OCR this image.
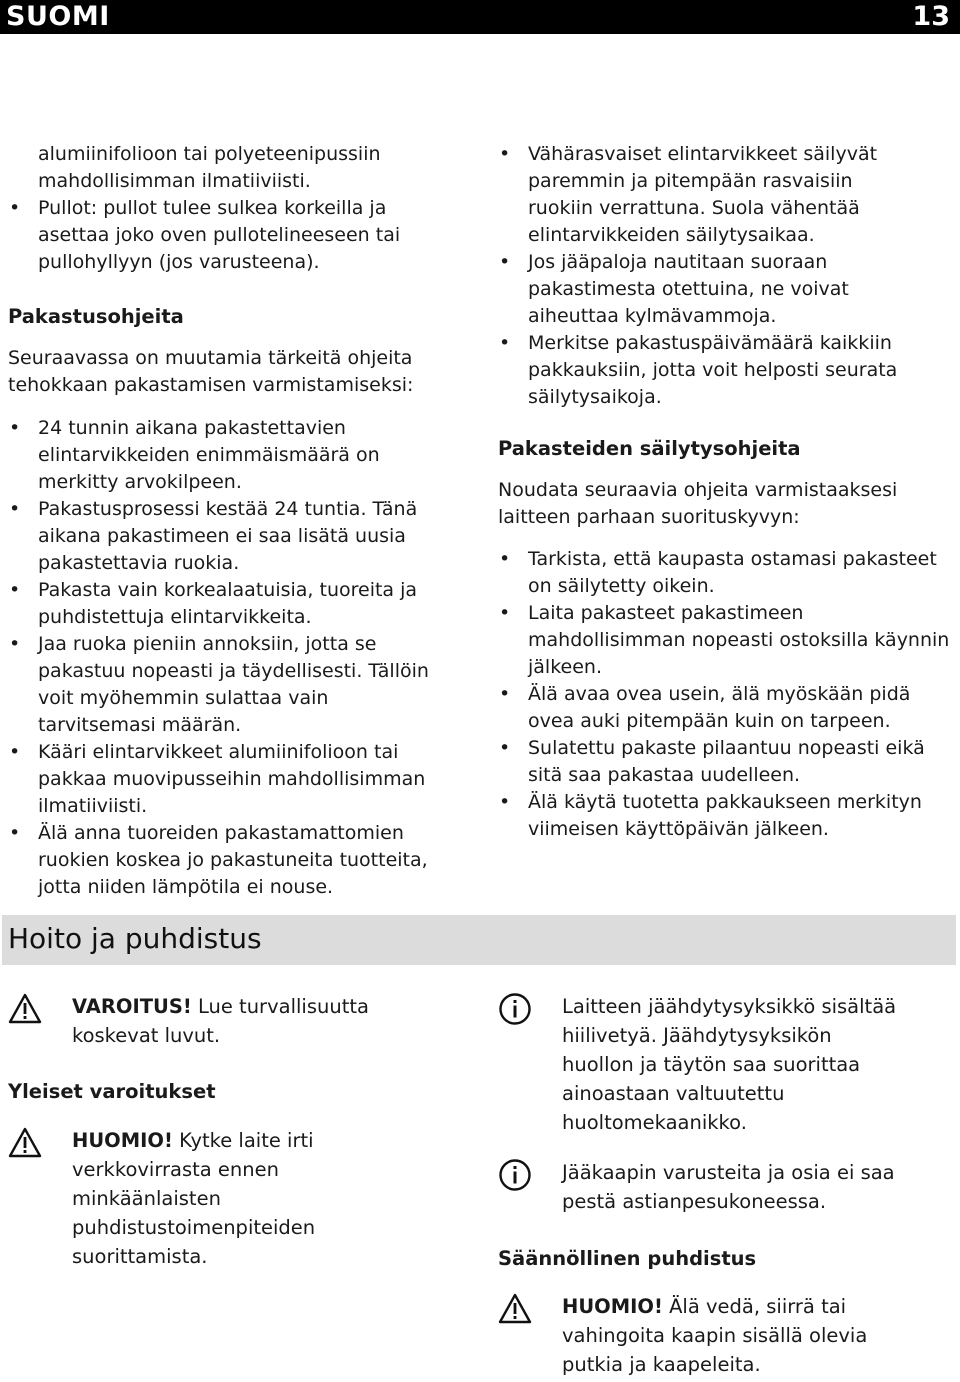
SUOMI	13

alumiinifolioon tai polyeteenipussiin mahdollisimman ilmatiiviisti.

• Pullot: pullot tulee sulkea korkeilla ja asettaa joko oven pullotelineeseen tai pullohyllyyn (jos varusteena).

Pakastusohjeita

Seuraavassa on muutamia tärkeitä ohjeita tehokkaan pakastamisen varmistamiseksi:

• 24 tunnin aikana pakastettavien elintarvikkeiden enimmäismäärä on merkitty arvokilpeen.
• Pakastusprosessi kestää 24 tuntia. Tänä aikana pakastimeen ei saa lisätä uusia pakastettavia ruokia.
• Pakasta vain korkealaatuisia, tuoreita ja puhdistettuja elintarvikkeita.
• Jaa ruoka pieniin annoksiin, jotta se pakastuu nopeasti ja täydellisesti. Tällöin voit myöhemmin sulattaa vain tarvitsemasi määrän.
• Kääri elintarvikkeet alumiinifolioon tai pakkaa muovipusseihin mahdollisimman ilmatiiviisti.
• Älä anna tuoreiden pakastamattomien ruokien koskea jo pakastuneita tuotteita, jotta niiden lämpötila ei nouse.
• Vähärasvaiset elintarvikkeet säilyvät paremmin ja pitempään rasvaisiin ruokiin verrattuna. Suola vähentää elintarvikkeiden säilytysaikaa.
• Jos jääpaloja nautitaan suoraan pakastimesta otettuina, ne voivat aiheuttaa kylmävammoja.
• Merkitse pakastuspäivämäärä kaikkiin pakkauksiin, jotta voit helposti seurata säilytysaikoja.

Pakasteiden säilytysohjeita

Noudata seuraavia ohjeita varmistaaksesi laitteen parhaan suorituskyvyn:

• Tarkista, että kaupasta ostamasi pakasteet on säilytetty oikein.
• Laita pakasteet pakastimeen mahdollisimman nopeasti ostoksilla käynnin jälkeen.
• Älä avaa ovea usein, älä myöskään pidä ovea auki pitempään kuin on tarpeen.
• Sulatettu pakaste pilaantuu nopeasti eikä sitä saa pakastaa uudelleen.
• Älä käytä tuotetta pakkaukseen merkityn viimeisen käyttöpäivän jälkeen.
Hoito ja puhdistus
VAROITUS! Lue turvallisuutta koskevat luvut.

Yleiset varoitukset

HUOMIO! Kytke laite irti verkkovirrasta ennen minkäänlaisten puhdistustoimenpiteiden suorittamista.
Laitteen jäähdytysyksikkö sisältää hiilivetyä. Jäähdytysyksikön huollon ja täytön saa suorittaa ainoastaan valtuutettu huoltomekaanikko.
Jääkaapin varusteita ja osia ei saa pestä astianpesukoneessa.

Säännöllinen puhdistus

HUOMIO! Älä vedä, siirrä tai vahingoita kaapin sisällä olevia putkia ja kaapeleita.
